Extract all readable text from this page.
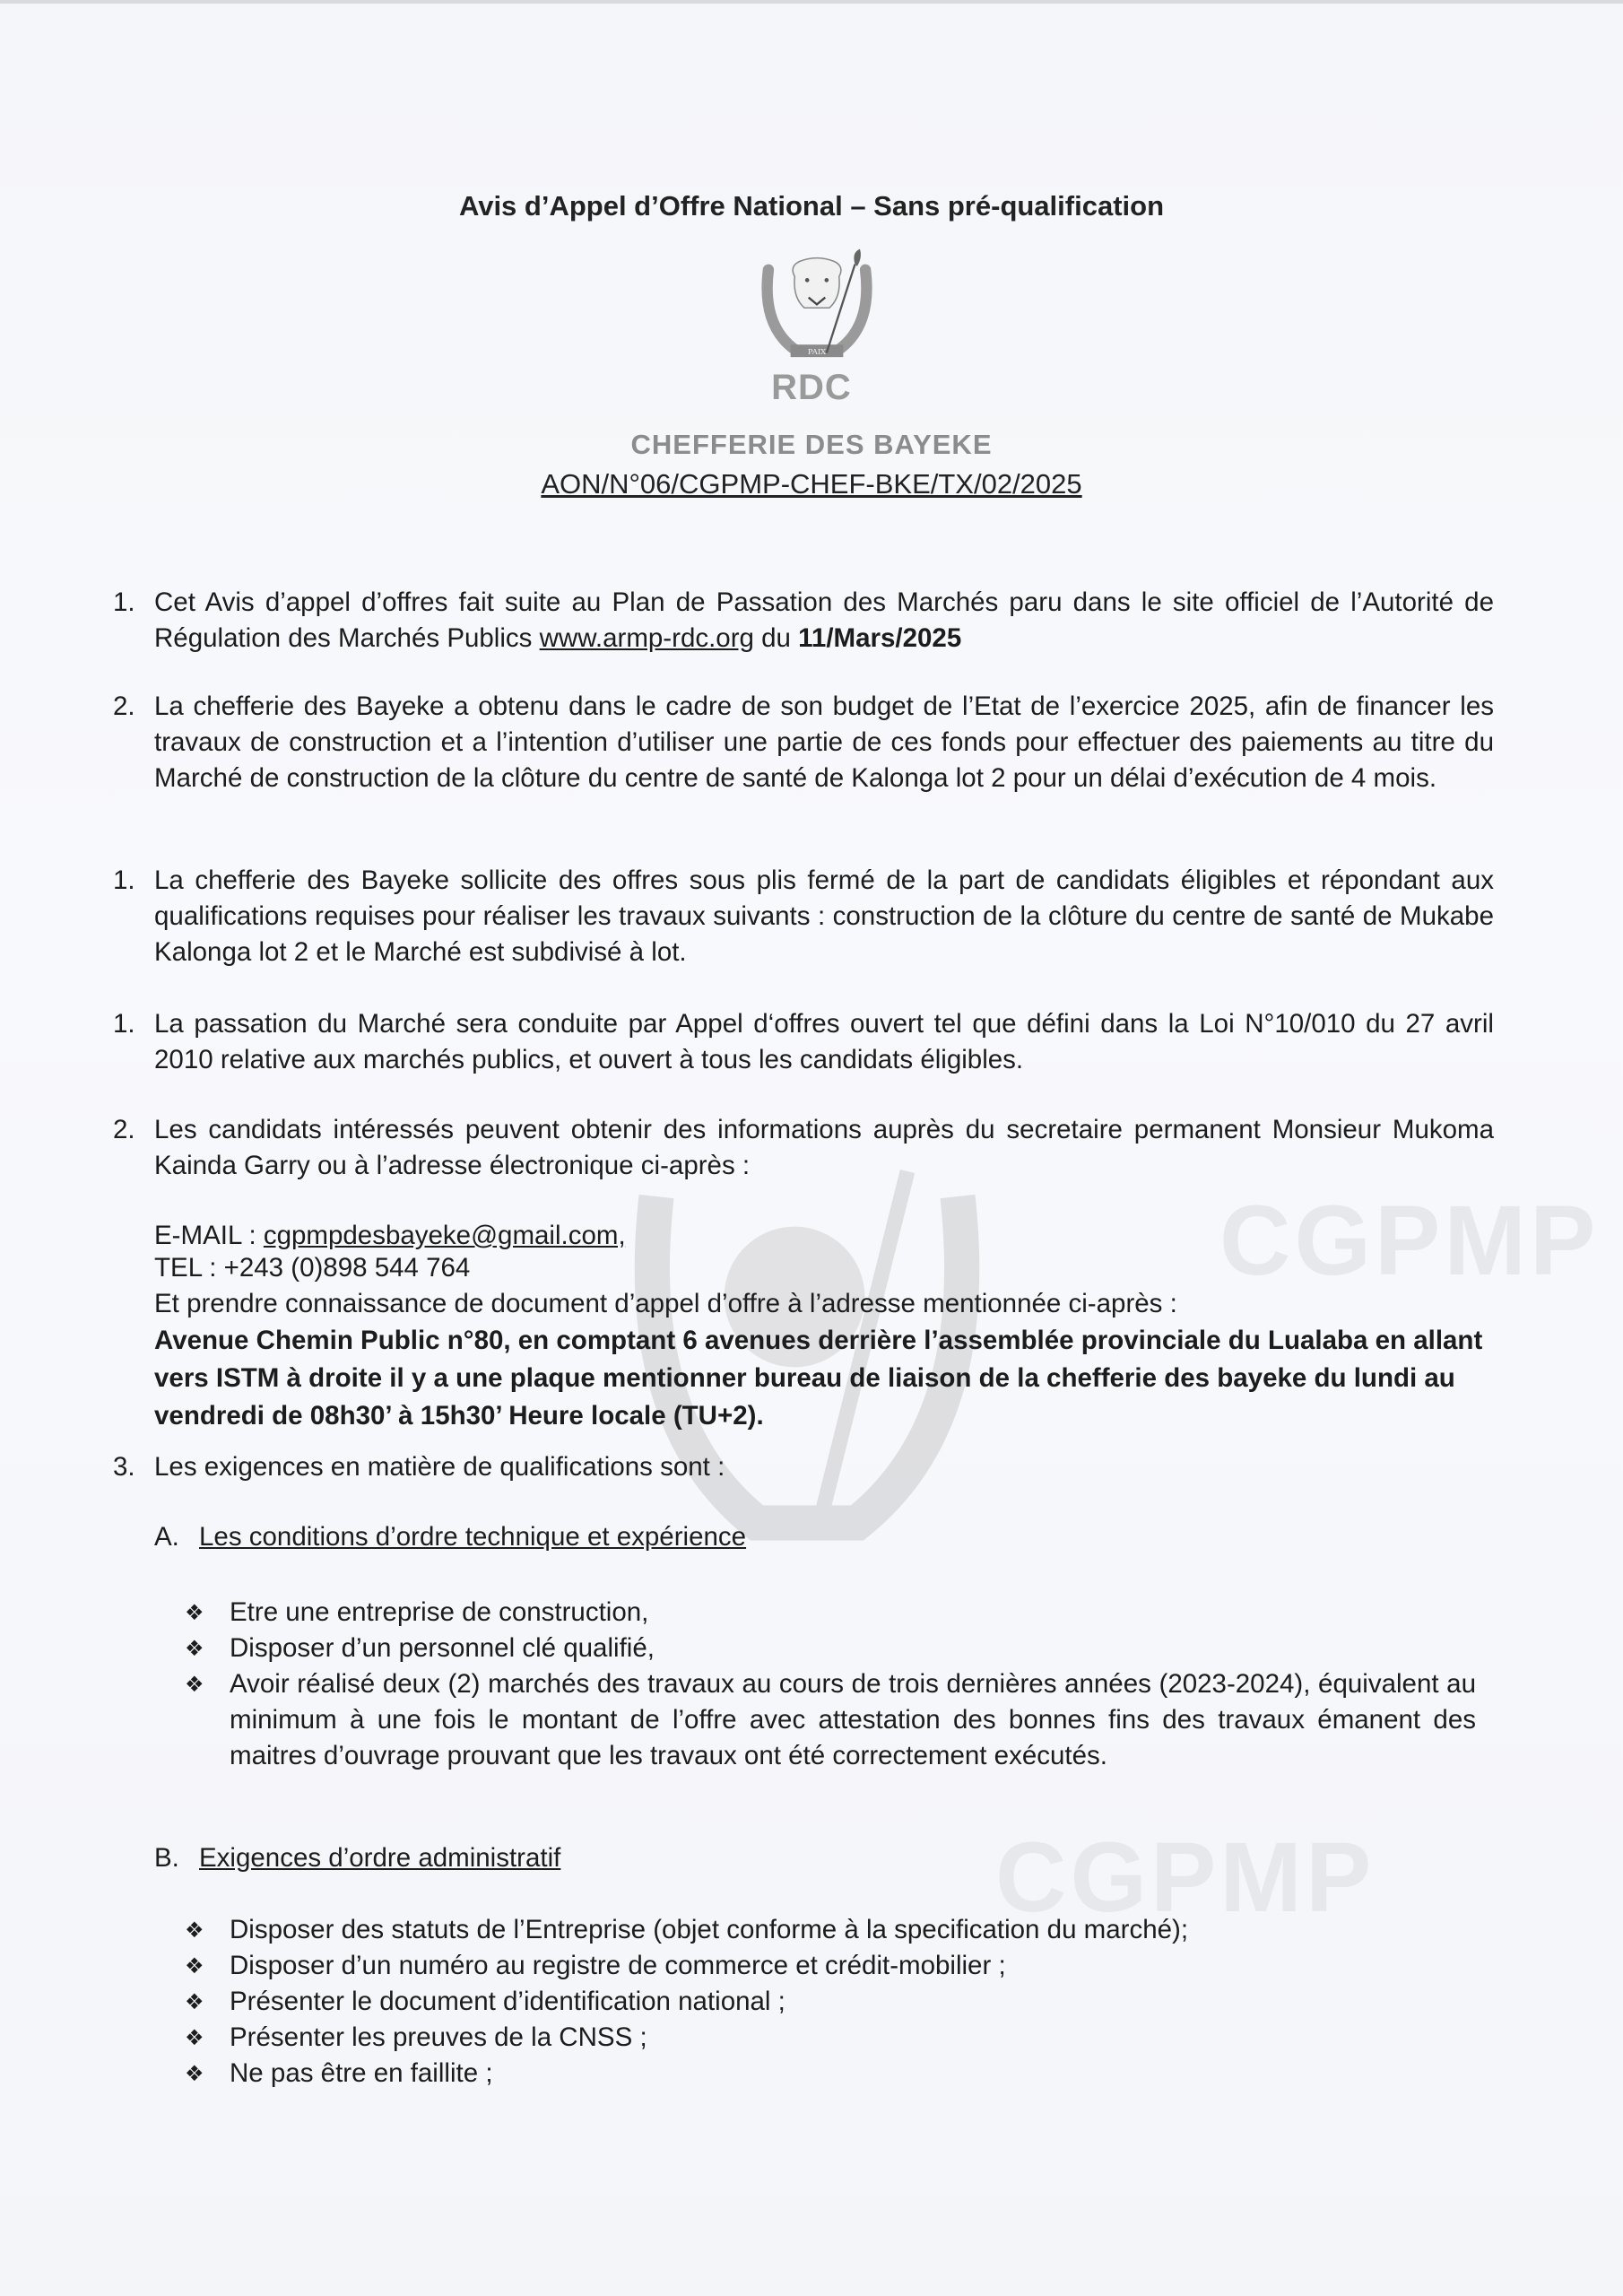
CGPMP
CGPMP
Avis d’Appel d’Offre National – Sans pré-qualification
PAIX
RDC
CHEFFERIE DES BAYEKE
AON/N°06/CGPMP-CHEF-BKE/TX/02/2025
1. Cet Avis d’appel d’offres fait suite au Plan de Passation des Marchés paru dans le site officiel de l’Autorité de Régulation des Marchés Publics www.armp-rdc.org du 11/Mars/2025
2. La chefferie des Bayeke a obtenu dans le cadre de son budget de l’Etat de l’exercice 2025, afin de financer les travaux de construction et a l’intention d’utiliser une partie de ces fonds pour effectuer des paiements au titre du Marché de construction de la clôture du centre de santé de Kalonga lot 2 pour un délai d’exécution de 4 mois.
1. La chefferie des Bayeke sollicite des offres sous plis fermé de la part de candidats éligibles et répondant aux qualifications requises pour réaliser les travaux suivants : construction de la clôture du centre de santé de Mukabe Kalonga lot 2 et le Marché est subdivisé à lot.
1. La passation du Marché sera conduite par Appel d‘offres ouvert tel que défini dans la Loi N°10/010 du 27 avril 2010 relative aux marchés publics, et ouvert à tous les candidats éligibles.
2. Les candidats intéressés peuvent obtenir des informations auprès du secretaire permanent Monsieur Mukoma Kainda Garry ou à l’adresse électronique ci-après :
E-MAIL : cgpmpdesbayeke@gmail.com,
TEL : +243 (0)898 544 764
Et prendre connaissance de document d’appel d’offre à l’adresse mentionnée ci-après :
Avenue Chemin Public n°80, en comptant 6 avenues derrière l’assemblée provinciale du Lualaba en allant vers ISTM à droite il y a une plaque mentionner bureau de liaison de la chefferie des bayeke du lundi au vendredi de 08h30’ à 15h30’ Heure locale (TU+2).
3. Les exigences en matière de qualifications sont :
A. Les conditions d’ordre technique et expérience
❖ Etre une entreprise de construction,
❖ Disposer d’un personnel clé qualifié,
❖ Avoir réalisé deux (2) marchés des travaux au cours de trois dernières années (2023-2024), équivalent au minimum à une fois le montant de l’offre avec attestation des bonnes fins des travaux émanent des maitres d’ouvrage prouvant que les travaux ont été correctement exécutés.
B. Exigences d’ordre administratif
❖ Disposer des statuts de l’Entreprise (objet conforme à la specification du marché);
❖ Disposer d’un numéro au registre de commerce et crédit-mobilier ;
❖ Présenter le document d’identification national ;
❖ Présenter les preuves de la CNSS ;
❖ Ne pas être en faillite ;
